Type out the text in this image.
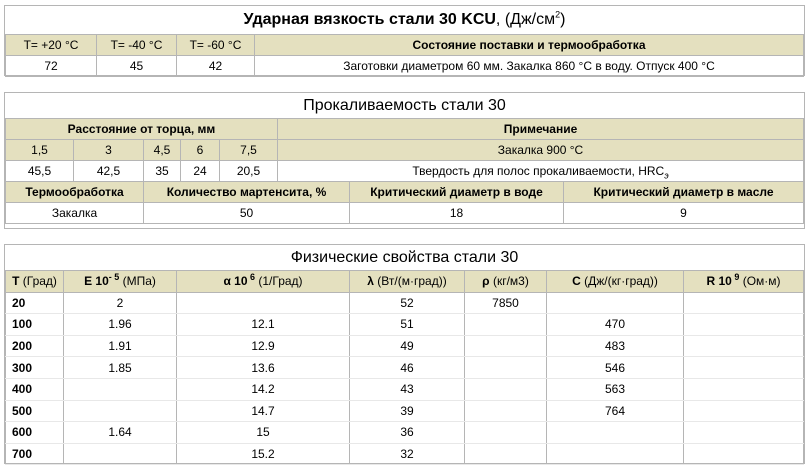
Ударная вязкость стали 30 KCU, $(Дж/см^2)$			
T= +20 °C	T= -40 °C	T= -60 °C	Состояние поставки и термообработка
72	45	42	Заготовки диаметром 60 мм. Закалка 860 °C в воду. Отпуск 400 °C
Прокаливаемость стали 30							
Расстояние от торца, мм					Примечание		
1,5	3	4,5	6	7,5	Закалка 900 °C		
45,5	42,5	35	24	20,5	Твердость для полос прокаливаемости, $HRC_э$
Термообработка		Количество мартенсита, %				Критический диаметр в воде	Критический диаметр в масле
Закалка		50				18	9
Физические свойства стали 30						
T (Град)	E $10^{- 5}$ (МПа)	α 10 $^6$ (1/Град)	λ (Вт/(м·град))	ρ (кг/м3)	C (Дж/(кг·град))	R 10 $^9$ (Ом·м)
20	2		52	7850		
100	1.96	12.1	51		470	
200	1.91	12.9	49		483	
300	1.85	13.6	46		546	
400		14.2	43		563	
500		14.7	39		764	
600	1.64	15	36			
700		15.2	32			
